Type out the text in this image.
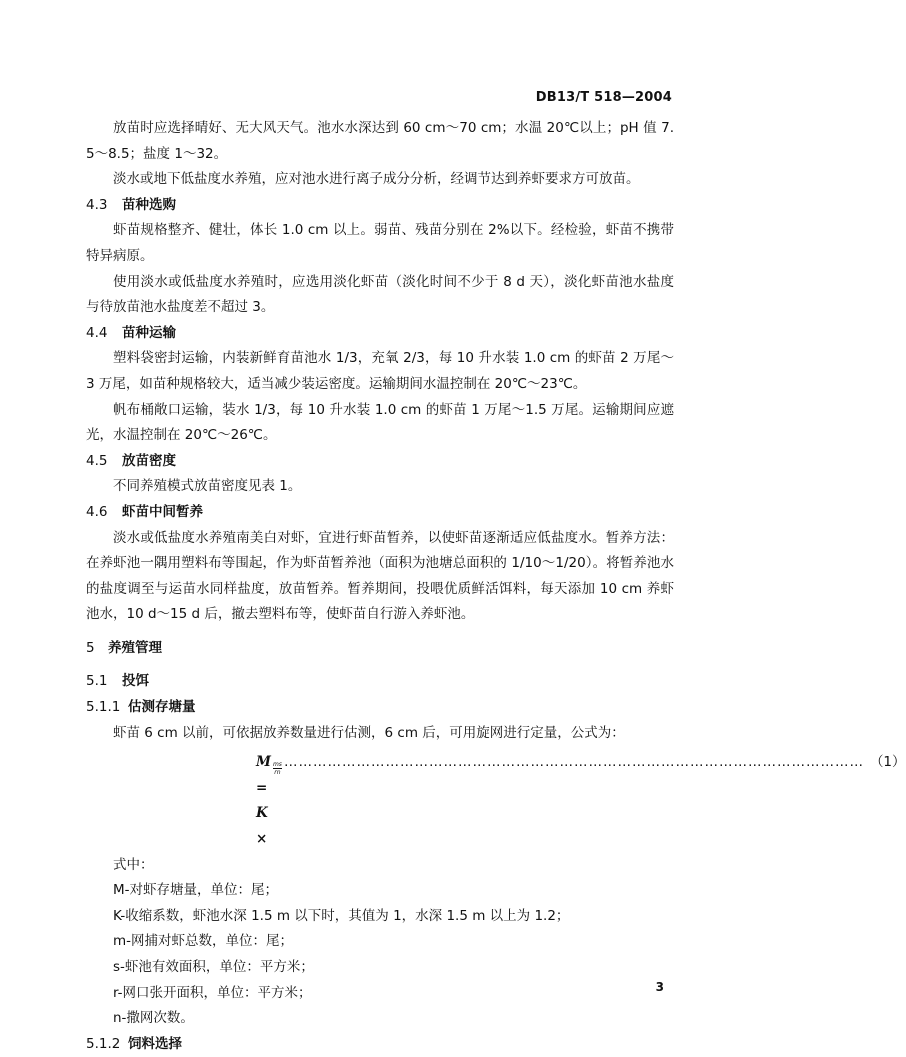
DB13/T 518—2004

放苗时应选择晴好、无大风天气。池水水深达到 60 cm～70 cm；水温 20℃以上；pH 值 7.5～8.5；盐度 1～32。

淡水或地下低盐度水养殖，应对池水进行离子成分分析，经调节达到养虾要求方可放苗。

4.3	苗种选购

虾苗规格整齐、健壮，体长 1.0 cm 以上。弱苗、残苗分别在 2%以下。经检验，虾苗不携带特异病原。

使用淡水或低盐度水养殖时，应选用淡化虾苗（淡化时间不少于 8 d 天），淡化虾苗池水盐度与待放苗池水盐度差不超过 3。

4.4	苗种运输

塑料袋密封运输，内装新鲜育苗池水 1/3，充氧 2/3，每 10 升水装 1.0 cm 的虾苗 2 万尾～3 万尾，如苗种规格较大，适当减少装运密度。运输期间水温控制在 20℃～23℃。

帆布桶敞口运输，装水 1/3，每 10 升水装 1.0 cm 的虾苗 1 万尾～1.5 万尾。运输期间应遮光，水温控制在 20℃～26℃。

4.5	放苗密度

不同养殖模式放苗密度见表 1。

4.6	虾苗中间暂养

淡水或低盐度水养殖南美白对虾，宜进行虾苗暂养，以使虾苗逐渐适应低盐度水。暂养方法：在养虾池一隅用塑料布等围起，作为虾苗暂养池（面积为池塘总面积的 1/10～1/20）。将暂养池水的盐度调至与运苗水同样盐度，放苗暂养。暂养期间，投喂优质鲜活饵料，每天添加 10 cm 养虾池水，10 d～15 d 后，撤去塑料布等，使虾苗自行游入养虾池。

5 养殖管理
5.1	投饵
5.1.1 估测存塘量

虾苗 6 cm 以前，可依据放养数量进行估测，6 cm 后，可用旋网进行定量，公式为：

M = K ×
$\frac{ms}{rn}$ ………………………………………………………………………………………………………… （1）

式中：

M-对虾存塘量，单位：尾；

K-收缩系数，虾池水深 1.5 m 以下时，其值为 1，水深 1.5 m 以上为 1.2；

m-网捕对虾总数，单位：尾；

s-虾池有效面积，单位：平方米；

r-网口张开面积，单位：平方米；

n-撒网次数。

5.1.2 饲料选择
3
